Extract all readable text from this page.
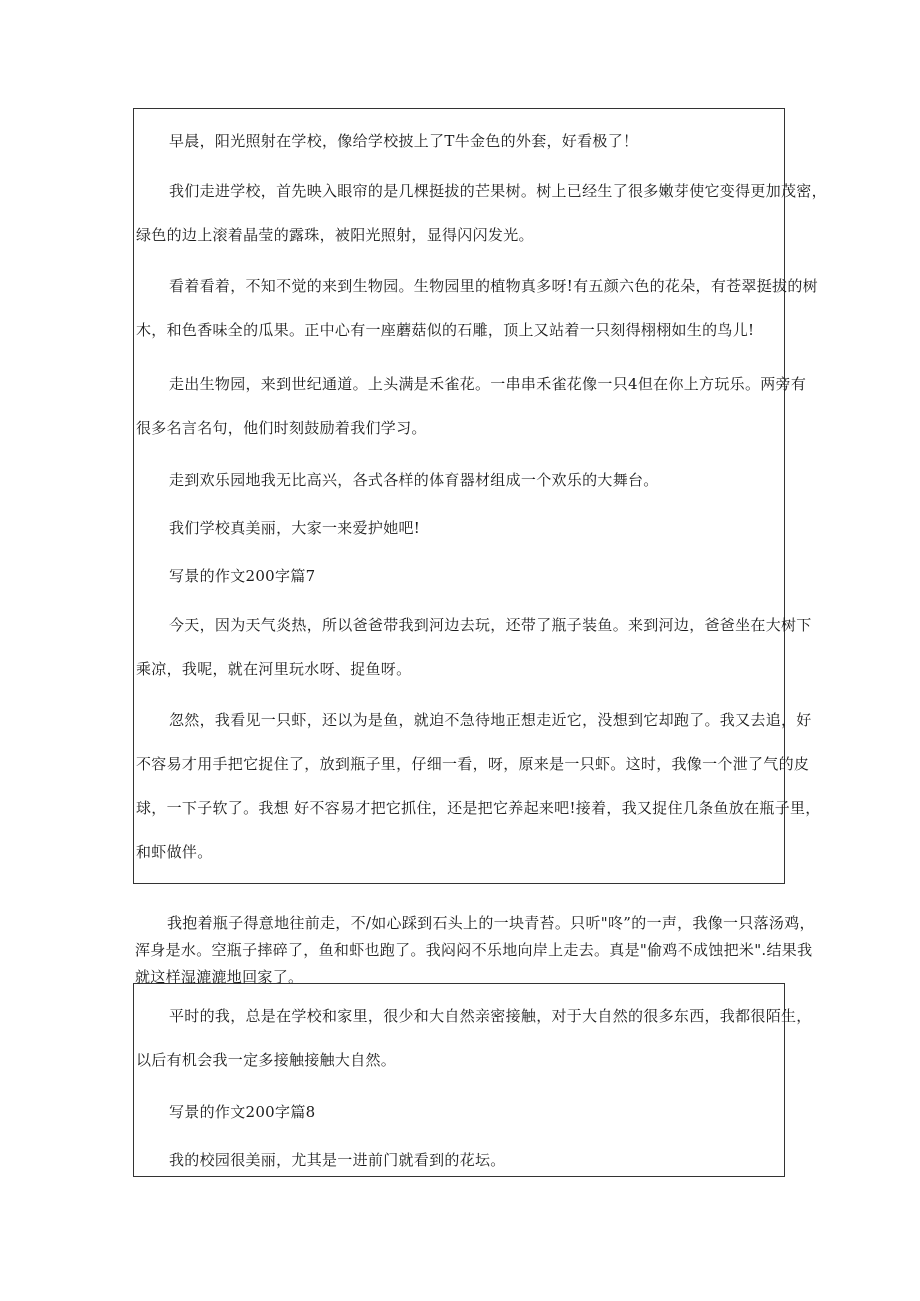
早晨，阳光照射在学校，像给学校披上了T牛金色的外套，好看极了！
我们走进学校，首先映入眼帘的是几棵挺拔的芒果树。树上已经生了很多嫩芽使它变得更加茂密，
绿色的边上滚着晶莹的露珠，被阳光照射，显得闪闪发光。
看着看着，不知不觉的来到生物园。生物园里的植物真多呀!有五颜六色的花朵，有苍翠挺拔的树
木，和色香味全的瓜果。正中心有一座蘑菇似的石雕，顶上又站着一只刻得栩栩如生的鸟儿!
走出生物园，来到世纪通道。上头满是禾雀花。一串串禾雀花像一只4但在你上方玩乐。两旁有
很多名言名句，他们时刻鼓励着我们学习。
走到欢乐园地我无比高兴，各式各样的体育器材组成一个欢乐的大舞台。
我们学校真美丽，大家一来爱护她吧!
写景的作文200字篇7
今天，因为天气炎热，所以爸爸带我到河边去玩，还带了瓶子装鱼。来到河边，爸爸坐在大树下
乘凉，我呢，就在河里玩水呀、捉鱼呀。
忽然，我看见一只虾，还以为是鱼，就迫不急待地正想走近它，没想到它却跑了。我又去追，好
不容易才用手把它捉住了，放到瓶子里，仔细一看，呀，原来是一只虾。这时，我像一个泄了气的皮
球，一下子软了。我想 好不容易才把它抓住，还是把它养起来吧!接着，我又捉住几条鱼放在瓶子里，
和虾做伴。
我抱着瓶子得意地往前走，不/如心踩到石头上的一块青苔。只听"咚”的一声，我像一只落汤鸡，
浑身是水。空瓶子摔碎了，鱼和虾也跑了。我闷闷不乐地向岸上走去。真是"偷鸡不成蚀把米".结果我
就这样湿漉漉地回家了。
平时的我，总是在学校和家里，很少和大自然亲密接触，对于大自然的很多东西，我都很陌生，
以后有机会我一定多接触接触大自然。
写景的作文200字篇8
我的校园很美丽，尤其是一进前门就看到的花坛。
